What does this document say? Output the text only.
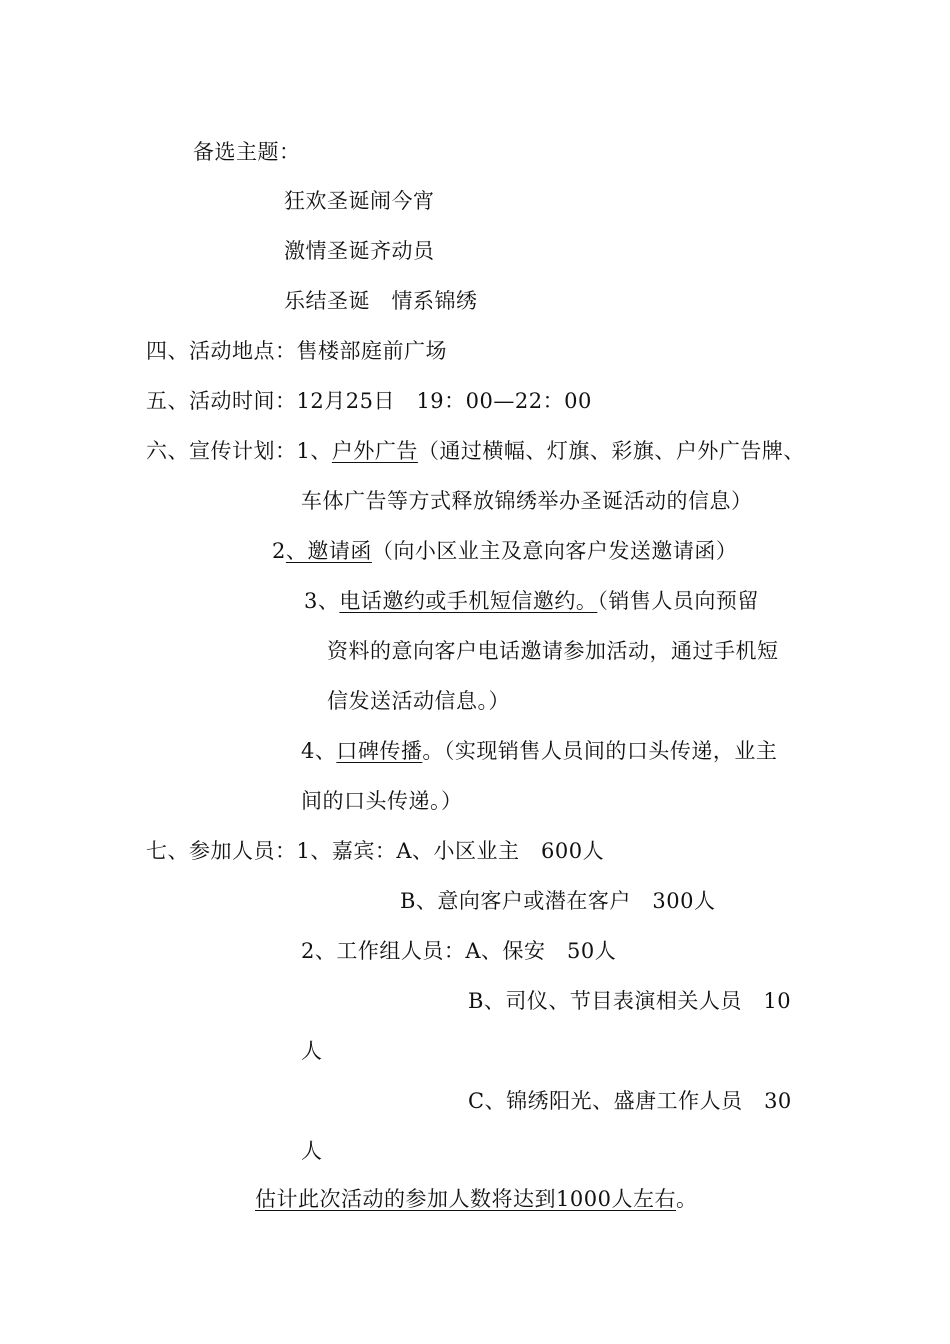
备选主题：
狂欢圣诞闹今宵
激情圣诞齐动员
乐结圣诞　情系锦绣
四、活动地点：售楼部庭前广场
五、活动时间：12月25日　19：00—22：00
六、宣传计划：1、户外广告（通过横幅、灯旗、彩旗、户外广告牌、
车体广告等方式释放锦绣举办圣诞活动的信息）
2、邀请函（向小区业主及意向客户发送邀请函）
3、电话邀约或手机短信邀约。（销售人员向预留
资料的意向客户电话邀请参加活动，通过手机短
信发送活动信息。）
4、口碑传播。（实现销售人员间的口头传递，业主
间的口头传递。）
七、参加人员：1、嘉宾：A、小区业主　600人
B、意向客户或潜在客户　300人
2、工作组人员：A、保安　50人
B、司仪、节目表演相关人员　10
人
C、锦绣阳光、盛唐工作人员　30
人
估计此次活动的参加人数将达到1000人左右。
